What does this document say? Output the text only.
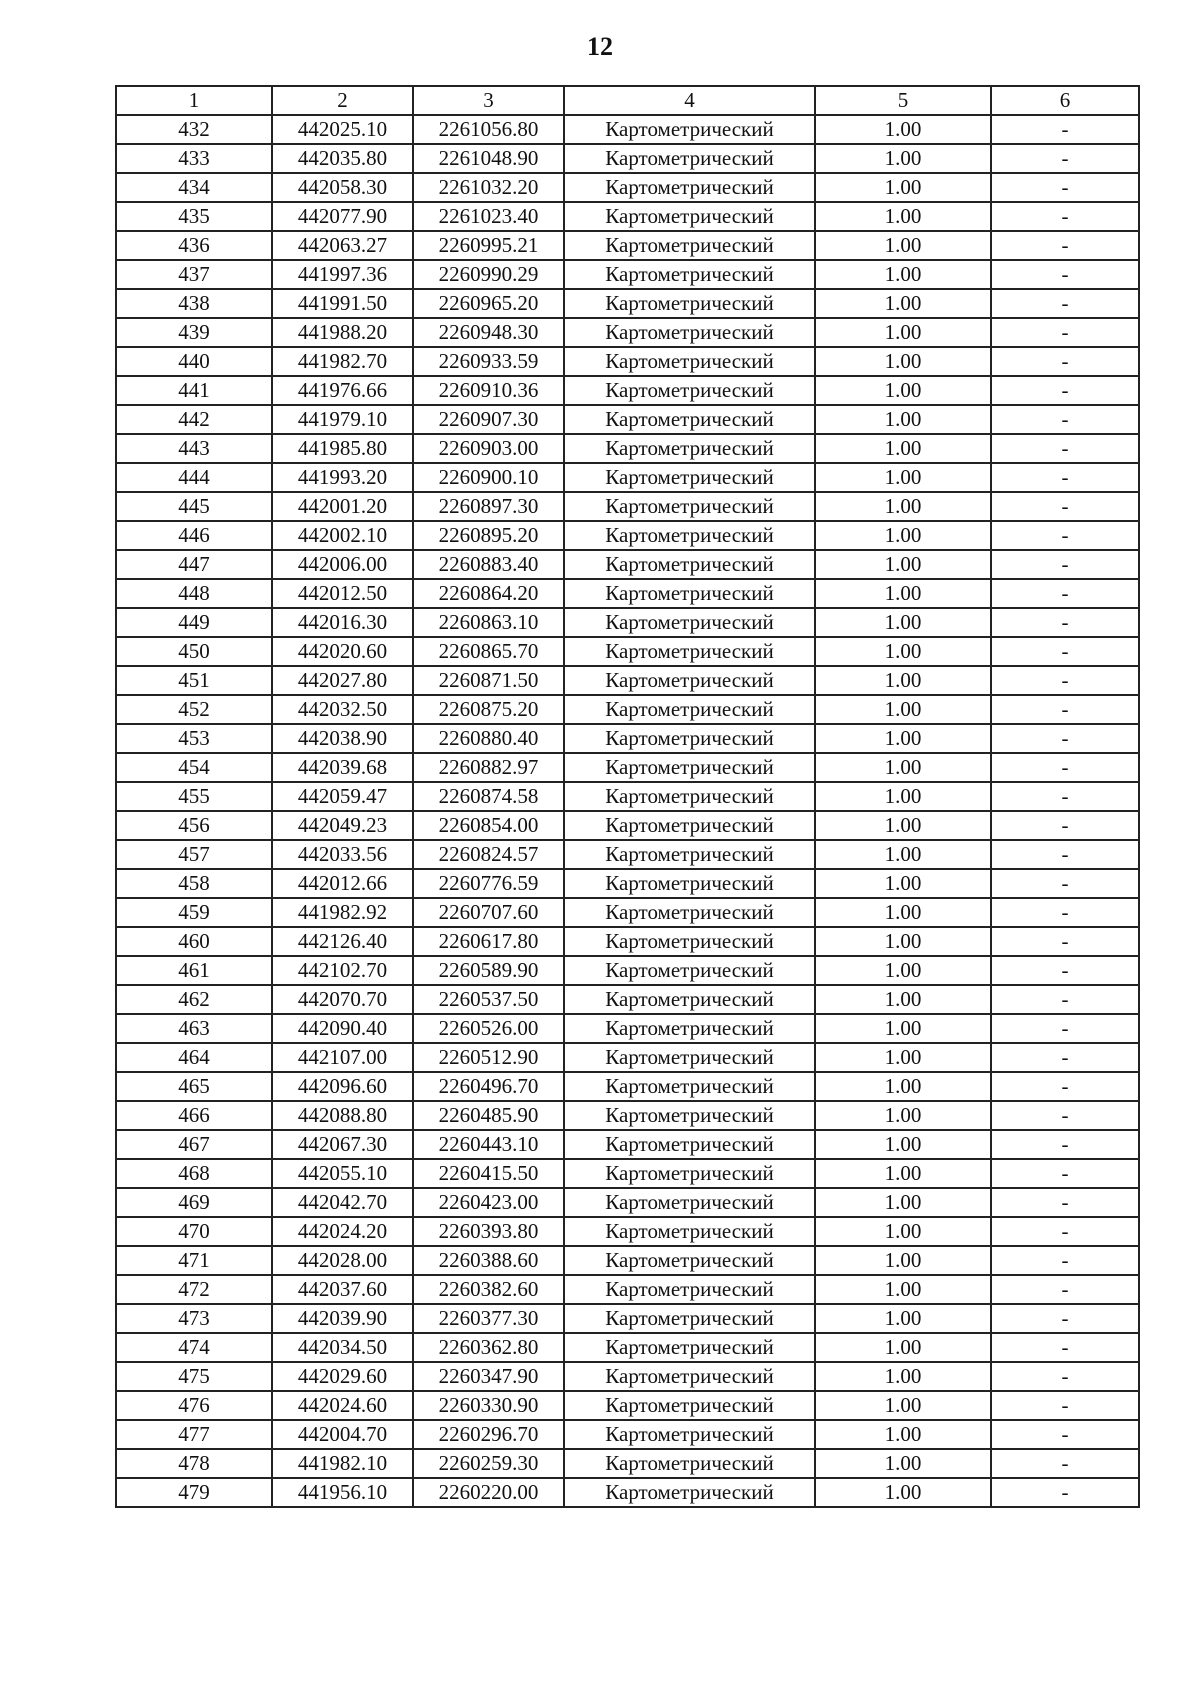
12
1	2	3	4	5	6
432	442025.10	2261056.80	Картометрический	1.00	-
433	442035.80	2261048.90	Картометрический	1.00	-
434	442058.30	2261032.20	Картометрический	1.00	-
435	442077.90	2261023.40	Картометрический	1.00	-
436	442063.27	2260995.21	Картометрический	1.00	-
437	441997.36	2260990.29	Картометрический	1.00	-
438	441991.50	2260965.20	Картометрический	1.00	-
439	441988.20	2260948.30	Картометрический	1.00	-
440	441982.70	2260933.59	Картометрический	1.00	-
441	441976.66	2260910.36	Картометрический	1.00	-
442	441979.10	2260907.30	Картометрический	1.00	-
443	441985.80	2260903.00	Картометрический	1.00	-
444	441993.20	2260900.10	Картометрический	1.00	-
445	442001.20	2260897.30	Картометрический	1.00	-
446	442002.10	2260895.20	Картометрический	1.00	-
447	442006.00	2260883.40	Картометрический	1.00	-
448	442012.50	2260864.20	Картометрический	1.00	-
449	442016.30	2260863.10	Картометрический	1.00	-
450	442020.60	2260865.70	Картометрический	1.00	-
451	442027.80	2260871.50	Картометрический	1.00	-
452	442032.50	2260875.20	Картометрический	1.00	-
453	442038.90	2260880.40	Картометрический	1.00	-
454	442039.68	2260882.97	Картометрический	1.00	-
455	442059.47	2260874.58	Картометрический	1.00	-
456	442049.23	2260854.00	Картометрический	1.00	-
457	442033.56	2260824.57	Картометрический	1.00	-
458	442012.66	2260776.59	Картометрический	1.00	-
459	441982.92	2260707.60	Картометрический	1.00	-
460	442126.40	2260617.80	Картометрический	1.00	-
461	442102.70	2260589.90	Картометрический	1.00	-
462	442070.70	2260537.50	Картометрический	1.00	-
463	442090.40	2260526.00	Картометрический	1.00	-
464	442107.00	2260512.90	Картометрический	1.00	-
465	442096.60	2260496.70	Картометрический	1.00	-
466	442088.80	2260485.90	Картометрический	1.00	-
467	442067.30	2260443.10	Картометрический	1.00	-
468	442055.10	2260415.50	Картометрический	1.00	-
469	442042.70	2260423.00	Картометрический	1.00	-
470	442024.20	2260393.80	Картометрический	1.00	-
471	442028.00	2260388.60	Картометрический	1.00	-
472	442037.60	2260382.60	Картометрический	1.00	-
473	442039.90	2260377.30	Картометрический	1.00	-
474	442034.50	2260362.80	Картометрический	1.00	-
475	442029.60	2260347.90	Картометрический	1.00	-
476	442024.60	2260330.90	Картометрический	1.00	-
477	442004.70	2260296.70	Картометрический	1.00	-
478	441982.10	2260259.30	Картометрический	1.00	-
479	441956.10	2260220.00	Картометрический	1.00	-
